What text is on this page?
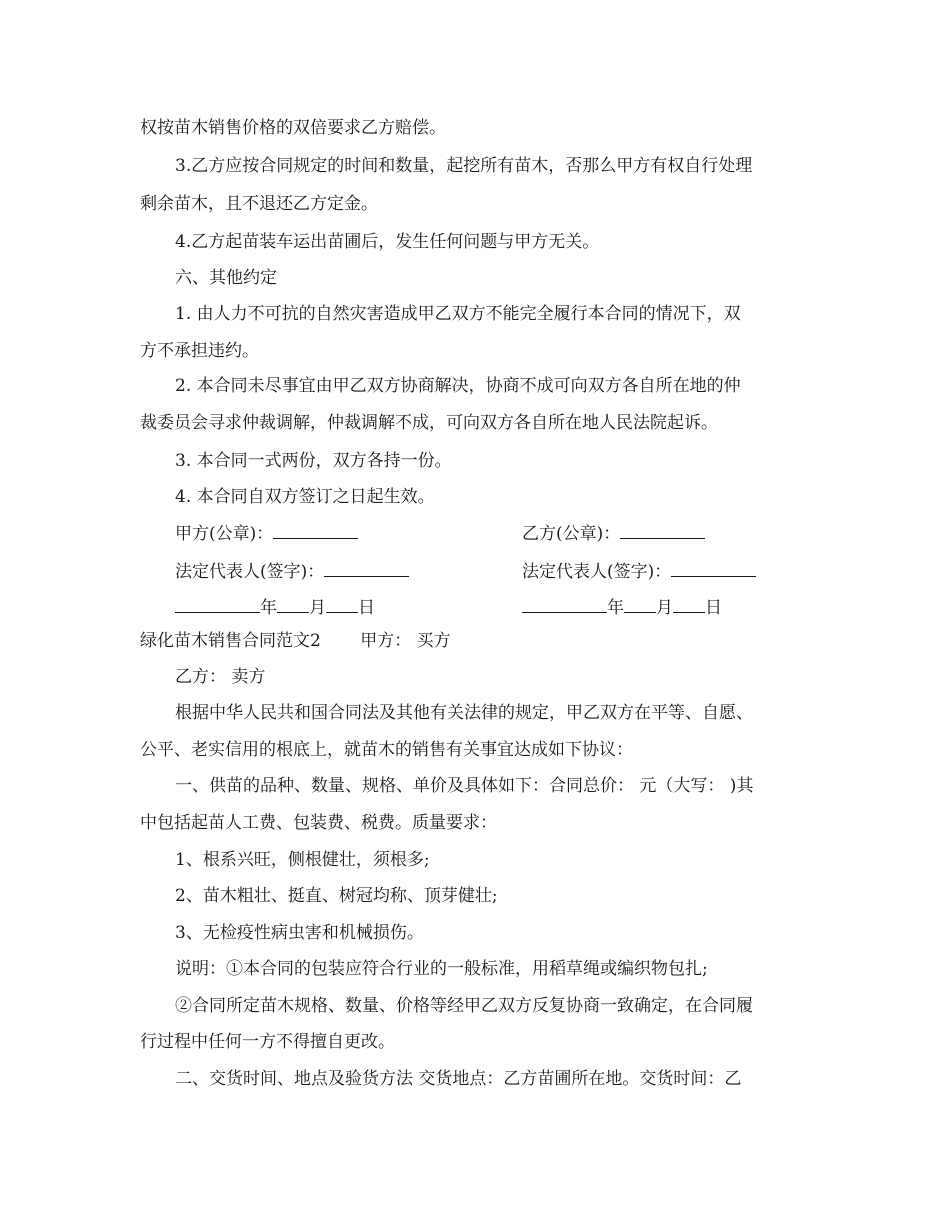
权按苗木销售价格的双倍要求乙方赔偿。
3.乙方应按合同规定的时间和数量，起挖所有苗木，否那么甲方有权自行处理
剩余苗木，且不退还乙方定金。
4.乙方起苗装车运出苗圃后，发生任何问题与甲方无关。
六、其他约定
1. 由人力不可抗的自然灾害造成甲乙双方不能完全履行本合同的情况下，双
方不承担违约。
2. 本合同未尽事宜由甲乙双方协商解决，协商不成可向双方各自所在地的仲
裁委员会寻求仲裁调解，仲裁调解不成，可向双方各自所在地人民法院起诉。
3. 本合同一式两份，双方各持一份。
4. 本合同自双方签订之日起生效。
甲方(公章)：	乙方(公章)：
法定代表人(签字)：	法定代表人(签字)：
年 月 日	年 月 日
绿化苗木销售合同范文2　　 甲方： 买方
乙方： 卖方
根据中华人民共和国合同法及其他有关法律的规定，甲乙双方在平等、自愿、
公平、老实信用的根底上，就苗木的销售有关事宜达成如下协议：
一、供苗的品种、数量、规格、单价及具体如下：合同总价： 元（大写： )其
中包括起苗人工费、包装费、税费。质量要求：
1、根系兴旺，侧根健壮，须根多;
2、苗木粗壮、挺直、树冠均称、顶芽健壮;
3、无检疫性病虫害和机械损伤。
说明：①本合同的包装应符合行业的一般标准，用稻草绳或编织物包扎;
②合同所定苗木规格、数量、价格等经甲乙双方反复协商一致确定，在合同履
行过程中任何一方不得擅自更改。
二、交货时间、地点及验货方法 交货地点：乙方苗圃所在地。交货时间：乙
